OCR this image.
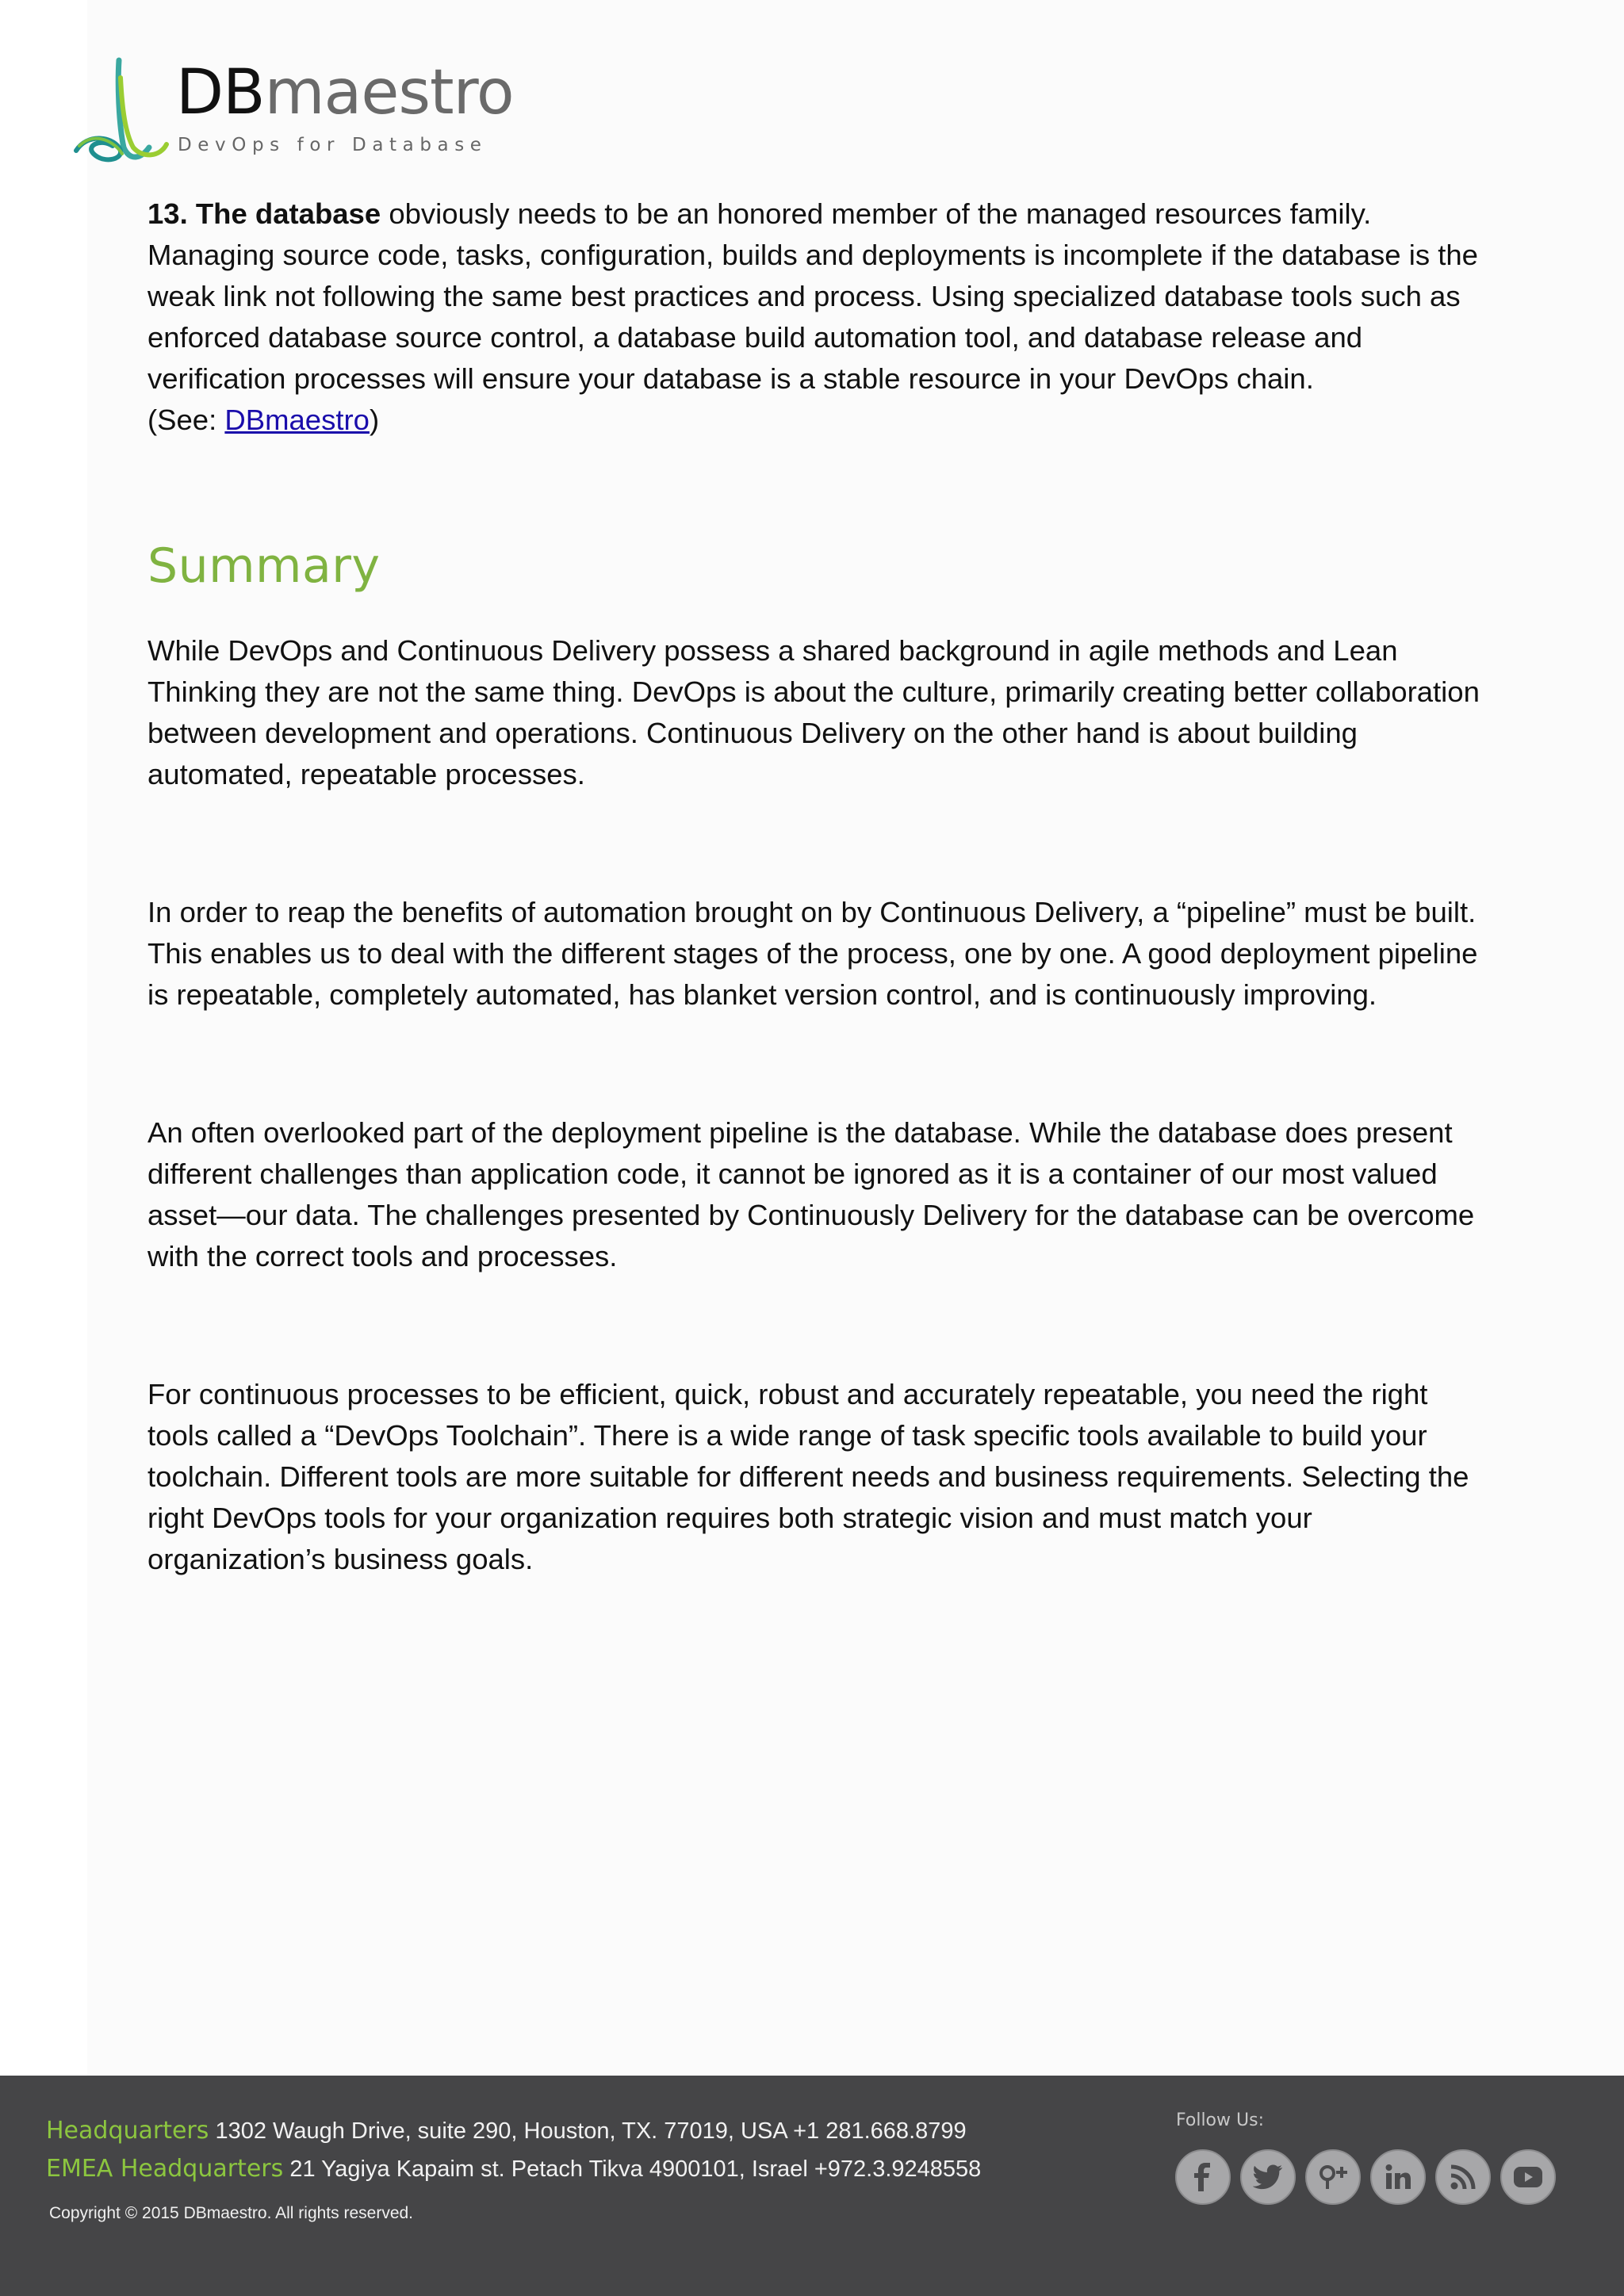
DBmaestro
DevOps for Database

13. The database obviously needs to be an honored member of the managed resources family. Managing source code, tasks, configuration, builds and deployments is incomplete if the database is the weak link not following the same best practices and process. Using specialized database tools such as enforced database source control, a database build automation tool, and database release and verification processes will ensure your database is a stable resource in your DevOps chain.
(See: DBmaestro)

Summary

While DevOps and Continuous Delivery possess a shared background in agile methods and Lean Thinking they are not the same thing. DevOps is about the culture, primarily creating better collaboration between development and operations. Continuous Delivery on the other hand is about building automated, repeatable processes.

In order to reap the benefits of automation brought on by Continuous Delivery, a “pipeline” must be built. This enables us to deal with the different stages of the process, one by one. A good deployment pipeline is repeatable, completely automated, has blanket version control, and is continuously improving.

An often overlooked part of the deployment pipeline is the database. While the database does present different challenges than application code, it cannot be ignored as it is a container of our most valued asset—our data. The challenges presented by Continuously Delivery for the database can be overcome with the correct tools and processes.

For continuous processes to be efficient, quick, robust and accurately repeatable, you need the right tools called a “DevOps Toolchain”. There is a wide range of task specific tools available to build your toolchain. Different tools are more suitable for different needs and business requirements. Selecting the right DevOps tools for your organization requires both strategic vision and must match your organization’s business goals.

Headquarters 1302 Waugh Drive, suite 290, Houston, TX. 77019, USA +1 281.668.8799
EMEA Headquarters 21 Yagiya Kapaim st. Petach Tikva 4900101, Israel +972.3.9248558
Copyright © 2015 DBmaestro. All rights reserved.
Follow Us:
